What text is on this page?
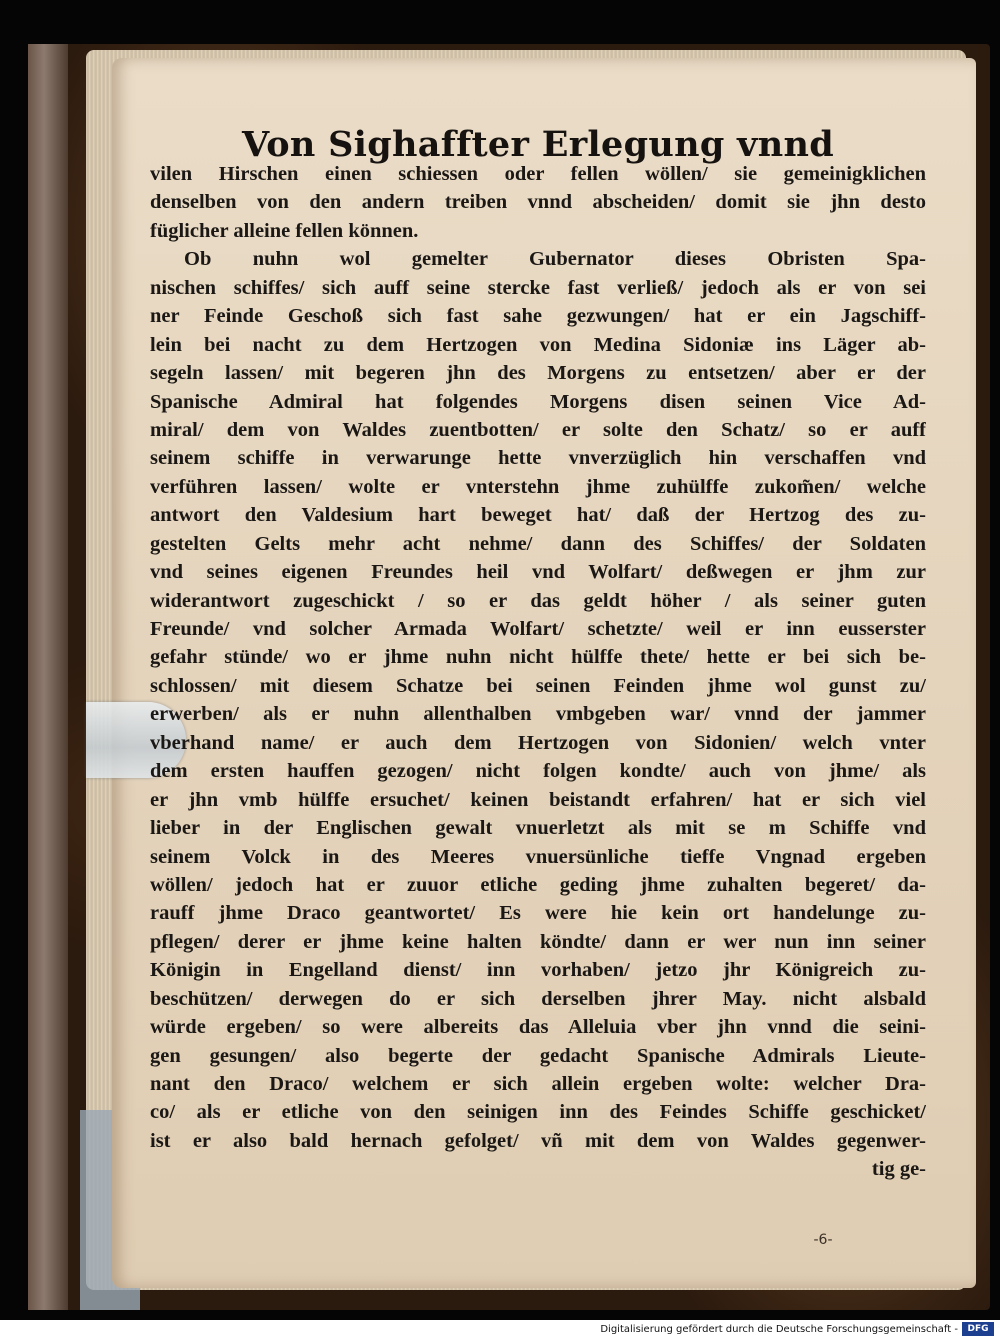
Von Sighaffter Erlegung vnnd
vilen Hirschen einen schiessen oder fellen wöllen/ sie gemeinigklichen
denselben von den andern treiben vnnd abscheiden/ domit sie jhn desto
füglicher alleine fellen können.
Ob nuhn wol gemelter Gubernator dieses Obristen Spa-
nischen schiffes/ sich auff seine stercke fast verließ/ jedoch als er von sei
ner Feinde Geschoß sich fast sahe gezwungen/ hat er ein Jagschiff-
lein bei nacht zu dem Hertzogen von Medina Sidoniæ ins Läger ab-
segeln lassen/ mit begeren jhn des Morgens zu entsetzen/ aber er der
Spanische Admiral hat folgendes Morgens disen seinen Vice Ad-
miral/ dem von Waldes zuentbotten/ er solte den Schatz/ so er auff
seinem schiffe in verwarunge hette vnverzüglich hin verschaffen vnd
verführen lassen/ wolte er vnterstehn jhme zuhülffe zukom̃en/ welche
antwort den Valdesium hart beweget hat/ daß der Hertzog des zu-
gestelten Gelts mehr acht nehme/ dann des Schiffes/ der Soldaten
vnd seines eigenen Freundes heil vnd Wolfart/ deßwegen er jhm zur
widerantwort zugeschickt / so er das geldt höher / als seiner guten
Freunde/ vnd solcher Armada Wolfart/ schetzte/ weil er inn eusserster
gefahr stünde/ wo er jhme nuhn nicht hülffe thete/ hette er bei sich be-
schlossen/ mit diesem Schatze bei seinen Feinden jhme wol gunst zu/
erwerben/ als er nuhn allenthalben vmbgeben war/ vnnd der jammer
vberhand name/ er auch dem Hertzogen von Sidonien/ welch vnter
dem ersten hauffen gezogen/ nicht folgen kondte/ auch von jhme/ als
er jhn vmb hülffe ersuchet/ keinen beistandt erfahren/ hat er sich viel
lieber in der Englischen gewalt vnuerletzt als mit se m Schiffe vnd
seinem Volck in des Meeres vnuersünliche tieffe Vngnad ergeben
wöllen/ jedoch hat er zuuor etliche geding jhme zuhalten begeret/ da-
rauff jhme Draco geantwortet/ Es were hie kein ort handelunge zu-
pflegen/ derer er jhme keine halten köndte/ dann er wer nun inn seiner
Königin in Engelland dienst/ inn vorhaben/ jetzo jhr Königreich zu-
beschützen/ derwegen do er sich derselben jhrer May. nicht alsbald
würde ergeben/ so were albereits das Alleluia vber jhn vnnd die seini-
gen gesungen/ also begerte der gedacht Spanische Admirals Lieute-
nant den Draco/ welchem er sich allein ergeben wolte: welcher Dra-
co/ als er etliche von den seinigen inn des Feindes Schiffe geschicket/
ist er also bald hernach gefolget/ vñ mit dem von Waldes gegenwer-
tig ge-
-6-
Digitalisierung gefördert durch die Deutsche Forschungsgemeinschaft -	DFG
